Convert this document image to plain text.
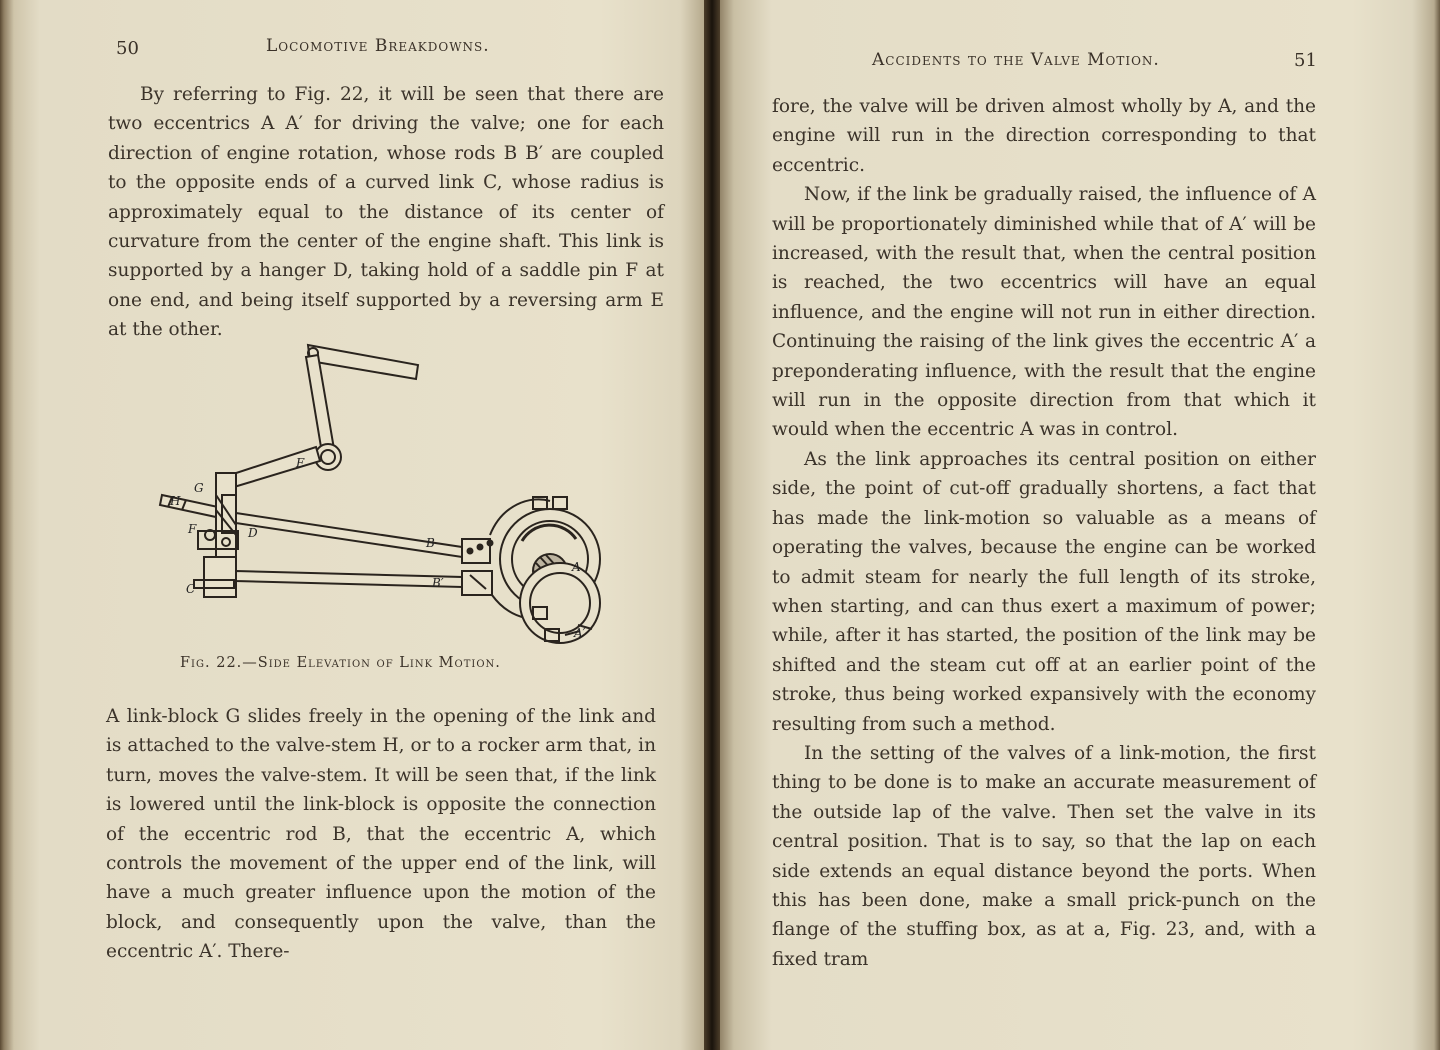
50	Locomotive Breakdowns.

By referring to Fig. 22, it will be seen that there are two eccentrics A A′ for driving the valve; one for each direction of engine rotation, whose rods B B′ are coupled to the opposite ends of a curved link C, whose radius is approximately equal to the distance of its center of curvature from the center of the engine shaft. This link is supported by a hanger D, taking hold of a saddle pin F at one end, and being itself supported by a reversing arm E at the other.

E
G
H
F	D
C
B
B′
A
A′
Fig. 22.—Side Elevation of Link Motion.

A link-block G slides freely in the opening of the link and is attached to the valve-stem H, or to a rocker arm that, in turn, moves the valve-stem. It will be seen that, if the link is lowered until the link-block is opposite the connection of the eccentric rod B, that the eccentric A, which controls the movement of the upper end of the link, will have a much greater influence upon the motion of the block, and consequently upon the valve, than the eccentric A′. There-

Accidents to the Valve Motion.	51

fore, the valve will be driven almost wholly by A, and the engine will run in the direction corresponding to that eccentric.

Now, if the link be gradually raised, the influence of A will be proportionately diminished while that of A′ will be increased, with the result that, when the central position is reached, the two eccentrics will have an equal influence, and the engine will not run in either direction. Continuing the raising of the link gives the eccentric A′ a preponderating influence, with the result that the engine will run in the opposite direction from that which it would when the eccentric A was in control.

As the link approaches its central position on either side, the point of cut-off gradually shortens, a fact that has made the link-motion so valuable as a means of operating the valves, because the engine can be worked to admit steam for nearly the full length of its stroke, when starting, and can thus exert a maximum of power; while, after it has started, the position of the link may be shifted and the steam cut off at an earlier point of the stroke, thus being worked expansively with the economy resulting from such a method.

In the setting of the valves of a link-motion, the first thing to be done is to make an accurate measurement of the outside lap of the valve. Then set the valve in its central position. That is to say, so that the lap on each side extends an equal distance beyond the ports. When this has been done, make a small prick-punch on the flange of the stuffing box, as at a, Fig. 23, and, with a fixed tram
